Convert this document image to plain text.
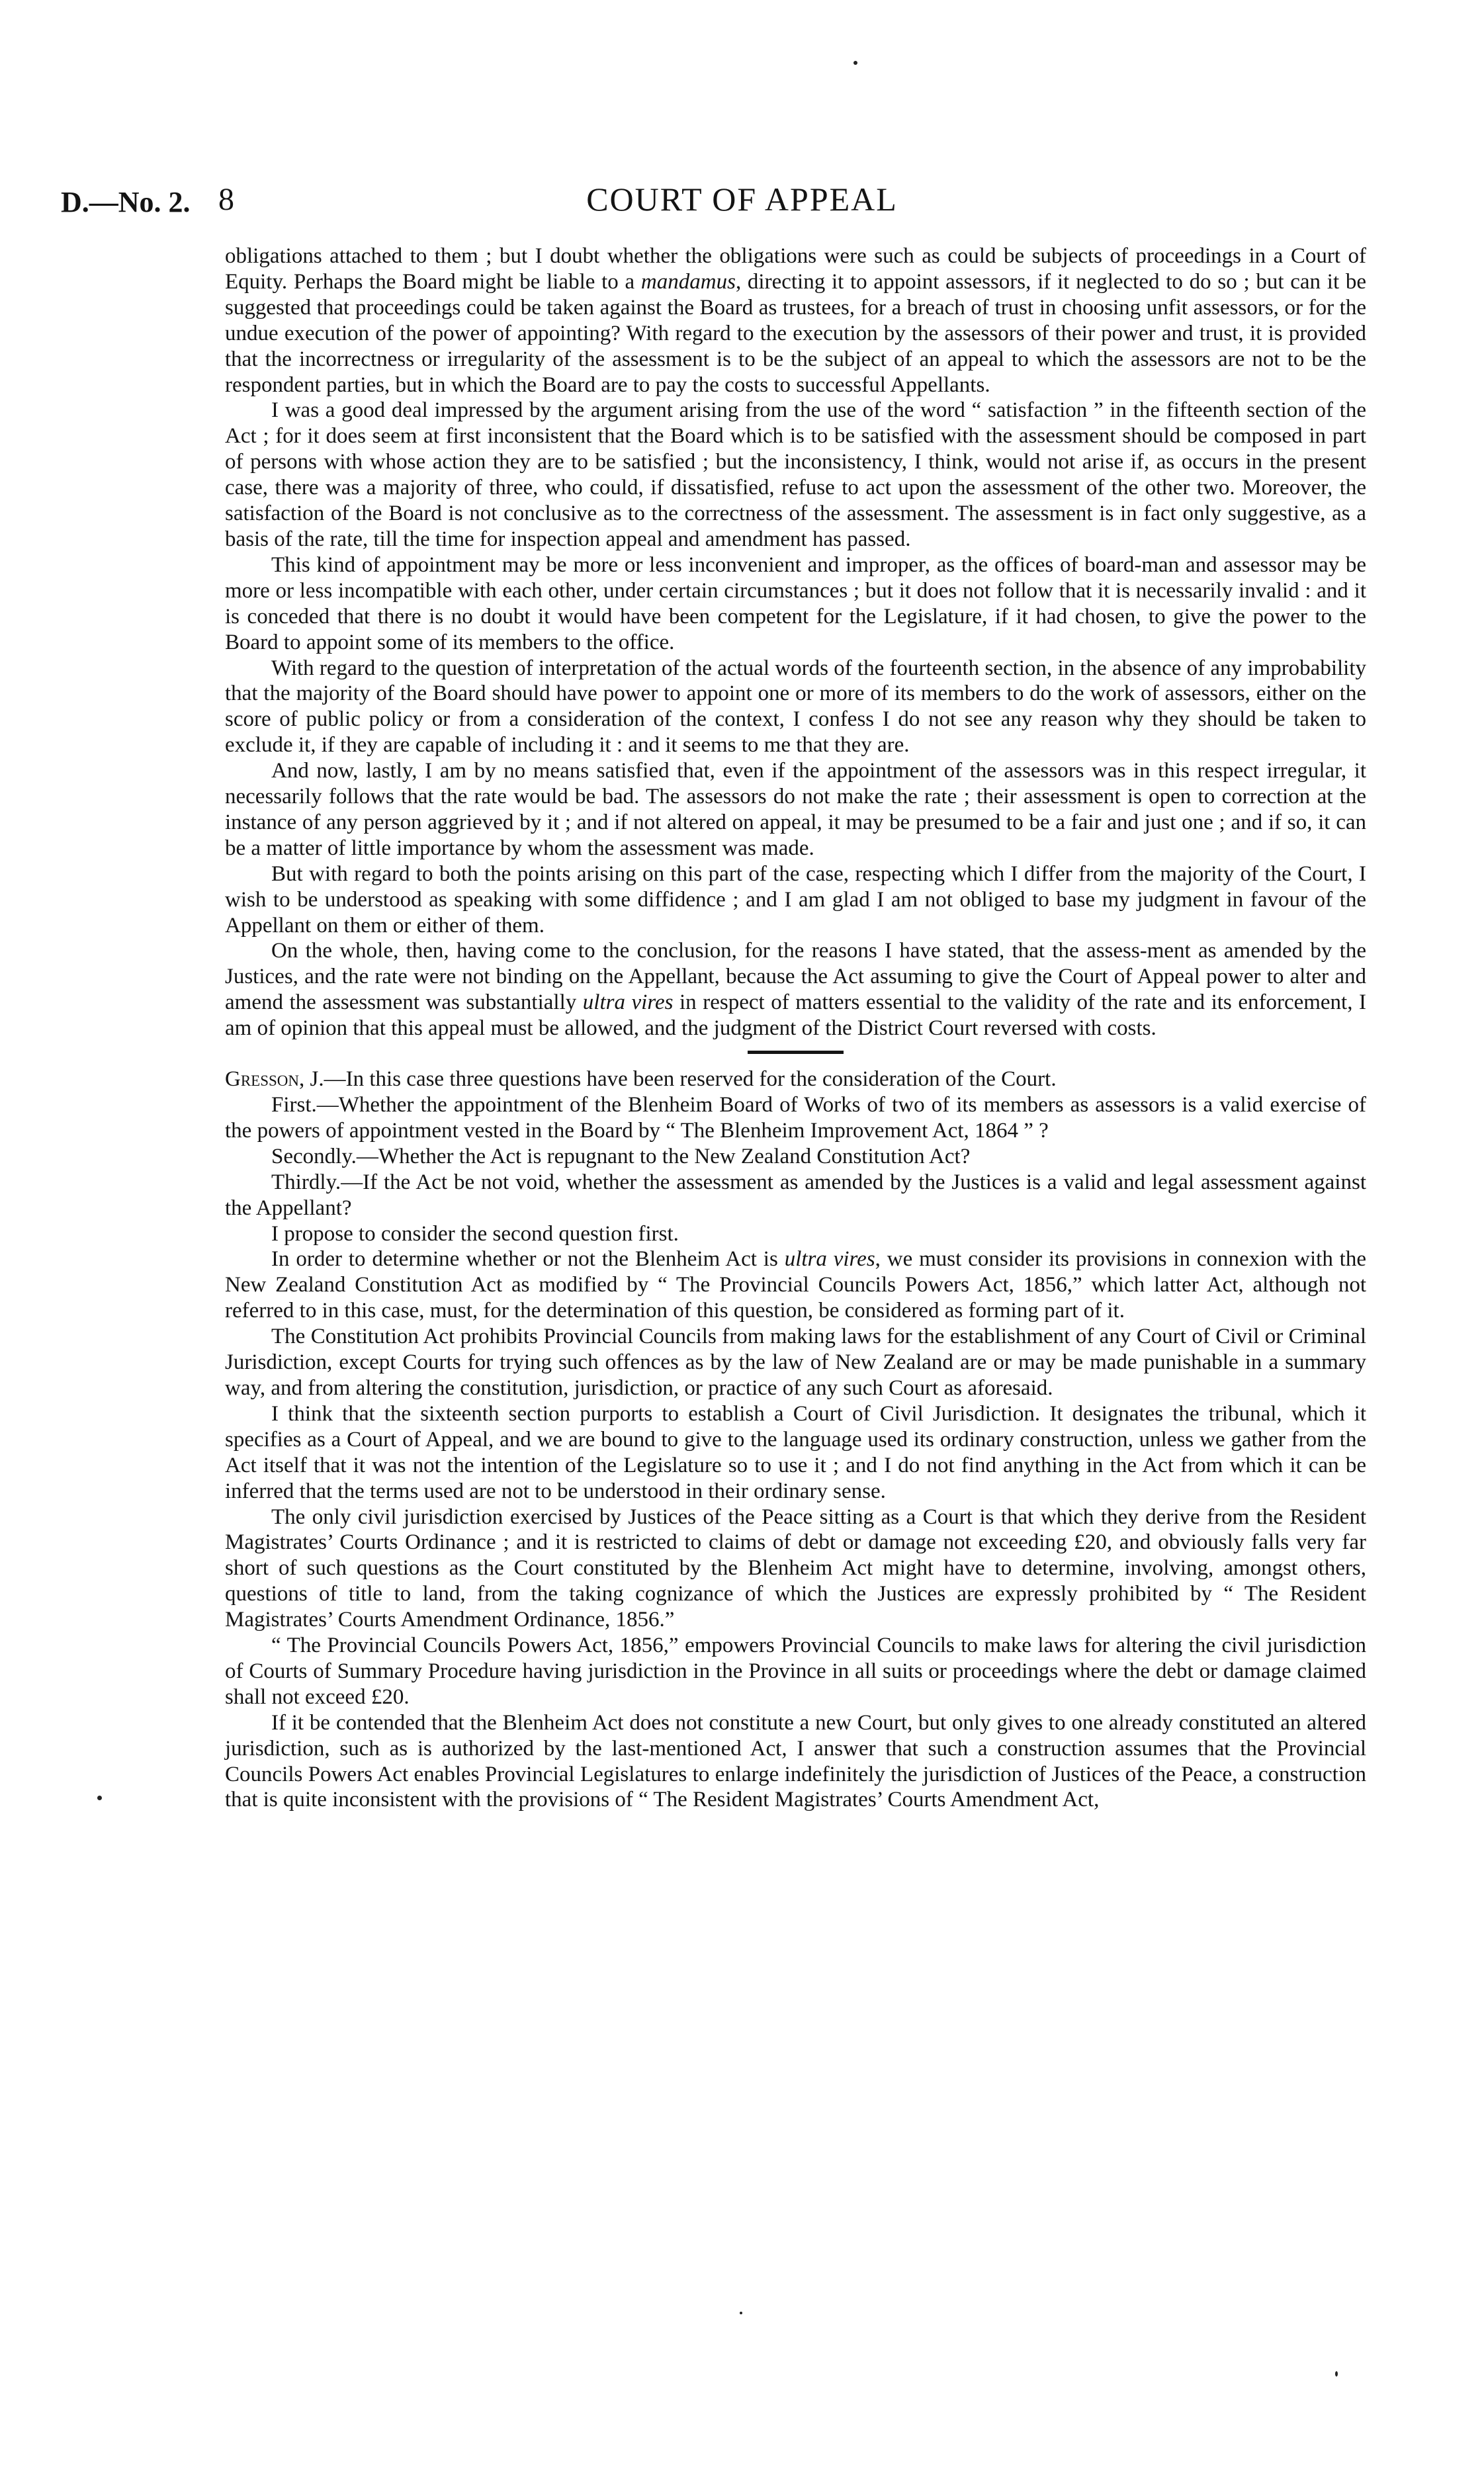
D.—No. 2. 8	COURT OF APPEAL

obligations attached to them ; but I doubt whether the obligations were such as could be subjects of proceedings in a Court of Equity. Perhaps the Board might be liable to a mandamus, directing it to appoint assessors, if it neglected to do so ; but can it be suggested that proceedings could be taken against the Board as trustees, for a breach of trust in choosing unfit assessors, or for the undue execution of the power of appointing? With regard to the execution by the assessors of their power and trust, it is provided that the incorrectness or irregularity of the assessment is to be the subject of an appeal to which the assessors are not to be the respondent parties, but in which the Board are to pay the costs to successful Appellants.

I was a good deal impressed by the argument arising from the use of the word “ satisfaction ” in the fifteenth section of the Act ; for it does seem at first inconsistent that the Board which is to be satisfied with the assessment should be composed in part of persons with whose action they are to be satisfied ; but the inconsistency, I think, would not arise if, as occurs in the present case, there was a majority of three, who could, if dissatisfied, refuse to act upon the assessment of the other two. Moreover, the satisfaction of the Board is not conclusive as to the correctness of the assessment. The assessment is in fact only suggestive, as a basis of the rate, till the time for inspection appeal and amendment has passed.

This kind of appointment may be more or less inconvenient and improper, as the offices of board-man and assessor may be more or less incompatible with each other, under certain circumstances ; but it does not follow that it is necessarily invalid : and it is conceded that there is no doubt it would have been competent for the Legislature, if it had chosen, to give the power to the Board to appoint some of its members to the office.

With regard to the question of interpretation of the actual words of the fourteenth section, in the absence of any improbability that the majority of the Board should have power to appoint one or more of its members to do the work of assessors, either on the score of public policy or from a consideration of the context, I confess I do not see any reason why they should be taken to exclude it, if they are capable of including it : and it seems to me that they are.

And now, lastly, I am by no means satisfied that, even if the appointment of the assessors was in this respect irregular, it necessarily follows that the rate would be bad. The assessors do not make the rate ; their assessment is open to correction at the instance of any person aggrieved by it ; and if not altered on appeal, it may be presumed to be a fair and just one ; and if so, it can be a matter of little importance by whom the assessment was made.

But with regard to both the points arising on this part of the case, respecting which I differ from the majority of the Court, I wish to be understood as speaking with some diffidence ; and I am glad I am not obliged to base my judgment in favour of the Appellant on them or either of them.

On the whole, then, having come to the conclusion, for the reasons I have stated, that the assess-ment as amended by the Justices, and the rate were not binding on the Appellant, because the Act assuming to give the Court of Appeal power to alter and amend the assessment was substantially ultra vires in respect of matters essential to the validity of the rate and its enforcement, I am of opinion that this appeal must be allowed, and the judgment of the District Court reversed with costs.

Gresson, J.—In this case three questions have been reserved for the consideration of the Court.

First.—Whether the appointment of the Blenheim Board of Works of two of its members as assessors is a valid exercise of the powers of appointment vested in the Board by “ The Blenheim Improvement Act, 1864 ” ?

Secondly.—Whether the Act is repugnant to the New Zealand Constitution Act?

Thirdly.—If the Act be not void, whether the assessment as amended by the Justices is a valid and legal assessment against the Appellant?

I propose to consider the second question first.

In order to determine whether or not the Blenheim Act is ultra vires, we must consider its provisions in connexion with the New Zealand Constitution Act as modified by “ The Provincial Councils Powers Act, 1856,” which latter Act, although not referred to in this case, must, for the determination of this question, be considered as forming part of it.

The Constitution Act prohibits Provincial Councils from making laws for the establishment of any Court of Civil or Criminal Jurisdiction, except Courts for trying such offences as by the law of New Zealand are or may be made punishable in a summary way, and from altering the constitution, jurisdiction, or practice of any such Court as aforesaid.

I think that the sixteenth section purports to establish a Court of Civil Jurisdiction. It designates the tribunal, which it specifies as a Court of Appeal, and we are bound to give to the language used its ordinary construction, unless we gather from the Act itself that it was not the intention of the Legislature so to use it ; and I do not find anything in the Act from which it can be inferred that the terms used are not to be understood in their ordinary sense.

The only civil jurisdiction exercised by Justices of the Peace sitting as a Court is that which they derive from the Resident Magistrates’ Courts Ordinance ; and it is restricted to claims of debt or damage not exceeding £20, and obviously falls very far short of such questions as the Court constituted by the Blenheim Act might have to determine, involving, amongst others, questions of title to land, from the taking cognizance of which the Justices are expressly prohibited by “ The Resident Magistrates’ Courts Amendment Ordinance, 1856.”

“ The Provincial Councils Powers Act, 1856,” empowers Provincial Councils to make laws for altering the civil jurisdiction of Courts of Summary Procedure having jurisdiction in the Province in all suits or proceedings where the debt or damage claimed shall not exceed £20.

If it be contended that the Blenheim Act does not constitute a new Court, but only gives to one already constituted an altered jurisdiction, such as is authorized by the last-mentioned Act, I answer that such a construction assumes that the Provincial Councils Powers Act enables Provincial Legislatures to enlarge indefinitely the jurisdiction of Justices of the Peace, a construction that is quite inconsistent with the provisions of “ The Resident Magistrates’ Courts Amendment Act,
